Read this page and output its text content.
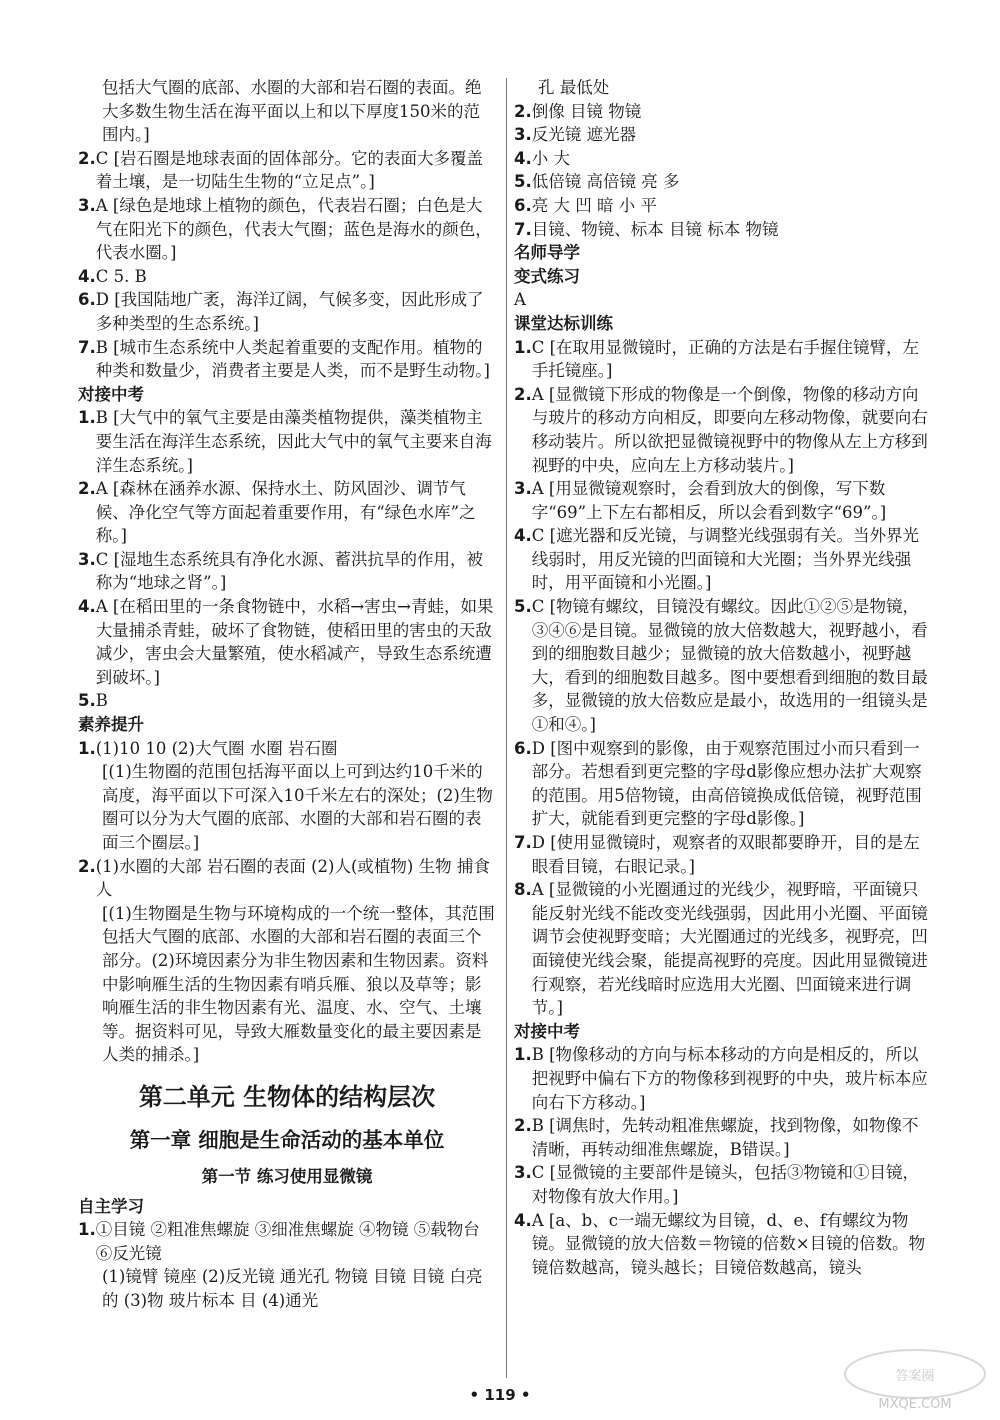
包括大气圈的底部、水圈的大部和岩石圈的表面。绝大多数生物生活在海平面以上和以下厚度150米的范围内。]

2. C [岩石圈是地球表面的固体部分。它的表面大多覆盖着土壤，是一切陆生生物的“立足点”。]
3. A [绿色是地球上植物的颜色，代表岩石圈；白色是大气在阳光下的颜色，代表大气圈；蓝色是海水的颜色，代表水圈。]
4. C 5. B
6. D [我国陆地广袤，海洋辽阔，气候多变，因此形成了多种类型的生态系统。]
7. B [城市生态系统中人类起着重要的支配作用。植物的种类和数量少，消费者主要是人类，而不是野生动物。]

对接中考

1. B [大气中的氧气主要是由藻类植物提供，藻类植物主要生活在海洋生态系统，因此大气中的氧气主要来自海洋生态系统。]
2. A [森林在涵养水源、保持水土、防风固沙、调节气候、净化空气等方面起着重要作用，有“绿色水库”之称。]
3. C [湿地生态系统具有净化水源、蓄洪抗旱的作用，被称为“地球之肾”。]
4. A [在稻田里的一条食物链中，水稻→害虫→青蛙，如果大量捕杀青蛙，破坏了食物链，使稻田里的害虫的天敌减少，害虫会大量繁殖，使水稻减产，导致生态系统遭到破坏。]
5. B

素养提升

1. (1)10 10 (2)大气圈 水圈 岩石圈

[(1)生物圈的范围包括海平面以上可到达约10千米的高度，海平面以下可深入10千米左右的深处；(2)生物圈可以分为大气圈的底部、水圈的大部和岩石圈的表面三个圈层。]

2. (1)水圈的大部 岩石圈的表面 (2)人(或植物) 生物 捕食 人

[(1)生物圈是生物与环境构成的一个统一整体，其范围包括大气圈的底部、水圈的大部和岩石圈的表面三个部分。(2)环境因素分为非生物因素和生物因素。资料中影响雁生活的生物因素有哨兵雁、狼以及草等；影响雁生活的非生物因素有光、温度、水、空气、土壤等。据资料可见，导致大雁数量变化的最主要因素是人类的捕杀。]

第二单元 生物体的结构层次

第一章 细胞是生命活动的基本单位

第一节 练习使用显微镜

自主学习

1. ①目镜 ②粗准焦螺旋 ③细准焦螺旋 ④物镜 ⑤载物台 ⑥反光镜

(1)镜臂 镜座 (2)反光镜 通光孔 物镜 目镜 目镜 白亮的 (3)物 玻片标本 目 (4)通光

孔 最低处

2. 倒像 目镜 物镜
3. 反光镜 遮光器
4. 小 大
5. 低倍镜 高倍镜 亮 多
6. 亮 大 凹 暗 小 平
7. 目镜、物镜、标本 目镜 标本 物镜

名师导学

变式练习

A

课堂达标训练

1. C [在取用显微镜时，正确的方法是右手握住镜臂，左手托镜座。]
2. A [显微镜下形成的物像是一个倒像，物像的移动方向与玻片的移动方向相反，即要向左移动物像，就要向右移动装片。所以欲把显微镜视野中的物像从左上方移到视野的中央，应向左上方移动装片。]
3. A [用显微镜观察时，会看到放大的倒像，写下数字“69”上下左右都相反，所以会看到数字“69”。]
4. C [遮光器和反光镜，与调整光线强弱有关。当外界光线弱时，用反光镜的凹面镜和大光圈；当外界光线强时，用平面镜和小光圈。]
5. C [物镜有螺纹，目镜没有螺纹。因此①②⑤是物镜，③④⑥是目镜。显微镜的放大倍数越大，视野越小，看到的细胞数目越少；显微镜的放大倍数越小，视野越大，看到的细胞数目越多。图中要想看到细胞的数目最多，显微镜的放大倍数应是最小，故选用的一组镜头是①和④。]
6. D [图中观察到的影像，由于观察范围过小而只看到一部分。若想看到更完整的字母d影像应想办法扩大观察的范围。用5倍物镜，由高倍镜换成低倍镜，视野范围扩大，就能看到更完整的字母d影像。]
7. D [使用显微镜时，观察者的双眼都要睁开，目的是左眼看目镜，右眼记录。]
8. A [显微镜的小光圈通过的光线少，视野暗，平面镜只能反射光线不能改变光线强弱，因此用小光圈、平面镜调节会使视野变暗；大光圈通过的光线多，视野亮，凹面镜使光线会聚，能提高视野的亮度。因此用显微镜进行观察，若光线暗时应选用大光圈、凹面镜来进行调节。]

对接中考

1. B [物像移动的方向与标本移动的方向是相反的，所以把视野中偏右下方的物像移到视野的中央，玻片标本应向右下方移动。]
2. B [调焦时，先转动粗准焦螺旋，找到物像，如物像不清晰，再转动细准焦螺旋，B错误。]
3. C [显微镜的主要部件是镜头，包括③物镜和①目镜，对物像有放大作用。]
4. A [a、b、c一端无螺纹为目镜，d、e、f有螺纹为物镜。显微镜的放大倍数＝物镜的倍数×目镜的倍数。物镜倍数越高，镜头越长；目镜倍数越高，镜头
• 119 •
答案圈
MXQE.COM
